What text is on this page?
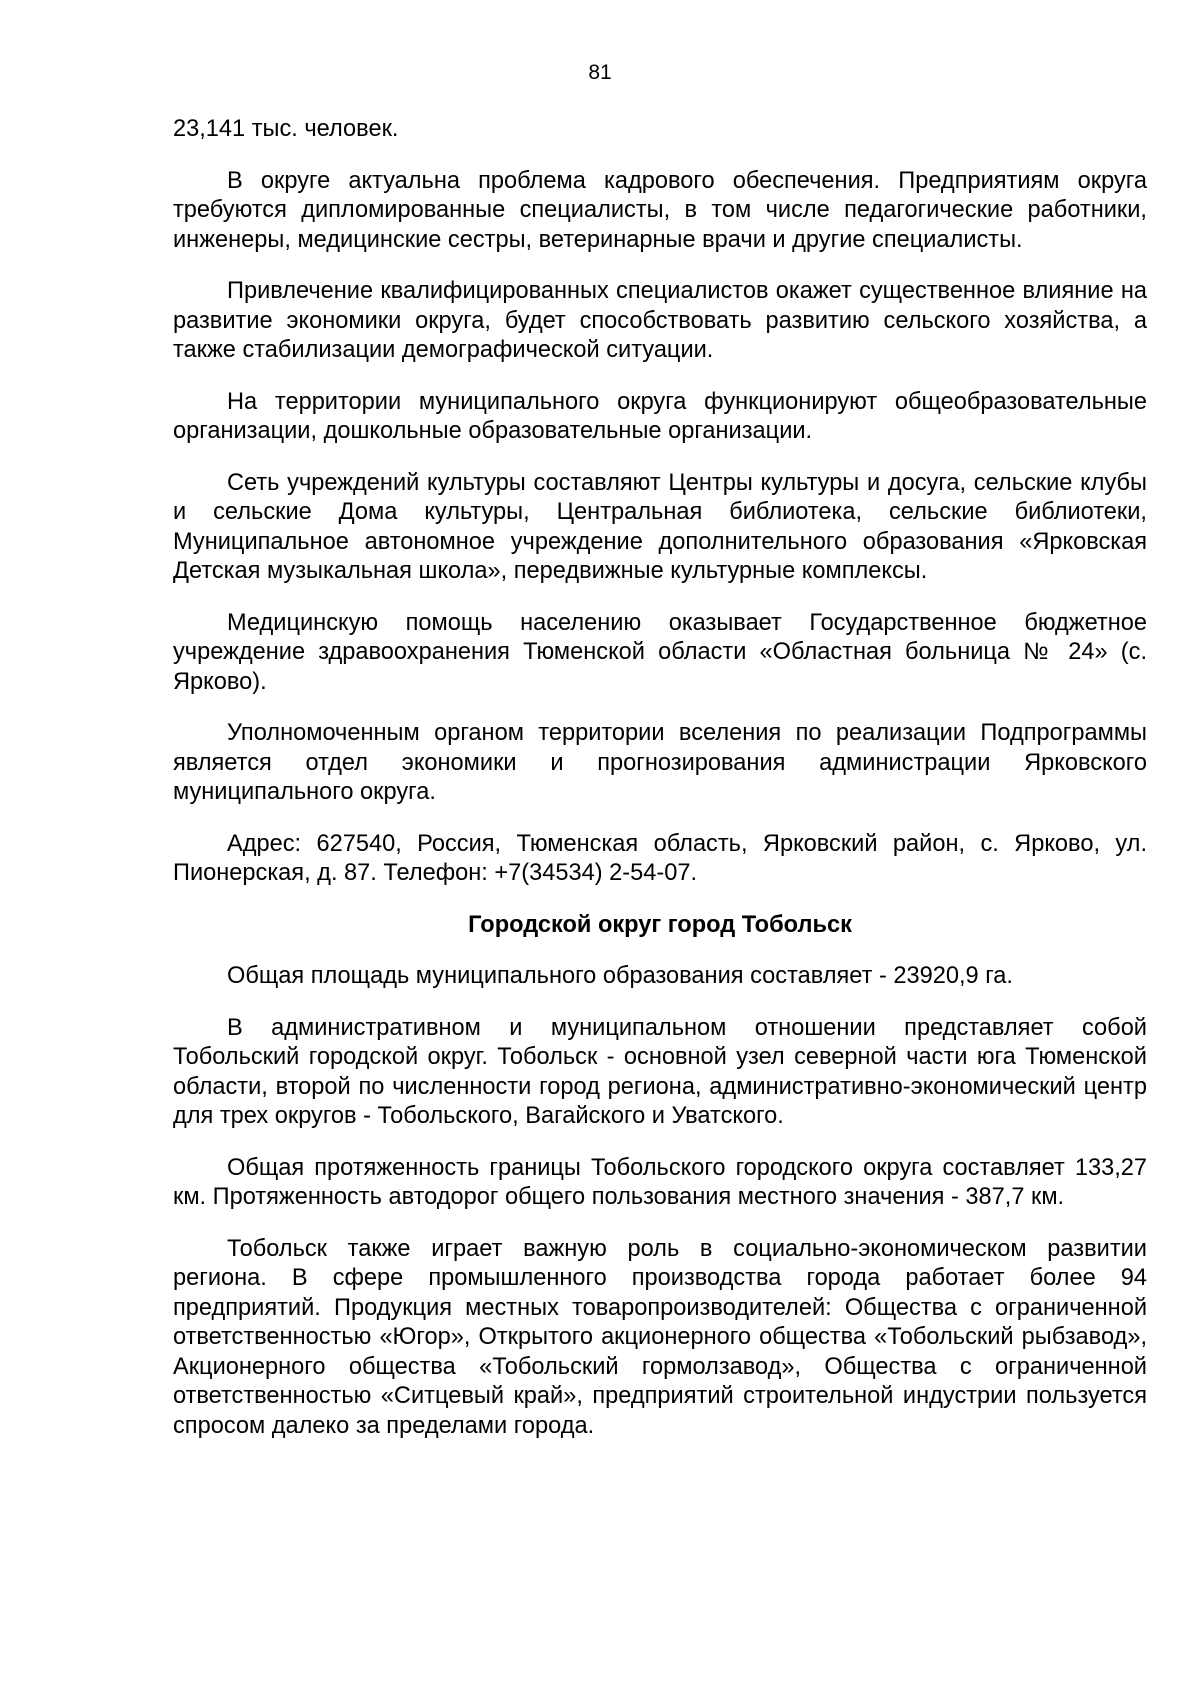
81

23,141 тыс. человек.

В округе актуальна проблема кадрового обеспечения. Предприятиям округа требуются дипломированные специалисты, в том числе педагогические работники, инженеры, медицинские сестры, ветеринарные врачи и другие специалисты.

Привлечение квалифицированных специалистов окажет существенное влияние на развитие экономики округа, будет способствовать развитию сельского хозяйства, а также стабилизации демографической ситуации.

На территории муниципального округа функционируют общеобразовательные организации, дошкольные образовательные организации.

Сеть учреждений культуры составляют Центры культуры и досуга, сельские клубы и сельские Дома культуры, Центральная библиотека, сельские библиотеки, Муниципальное автономное учреждение дополнительного образования «Ярковская Детская музыкальная школа», передвижные культурные комплексы.

Медицинскую помощь населению оказывает Государственное бюджетное учреждение здравоохранения Тюменской области «Областная больница № 24» (с. Ярково).

Уполномоченным органом территории вселения по реализации Подпрограммы является отдел экономики и прогнозирования администрации Ярковского муниципального округа.

Адрес: 627540, Россия, Тюменская область, Ярковский район, с. Ярково, ул. Пионерская, д. 87. Телефон: +7(34534) 2-54-07.

Городской округ город Тобольск

Общая площадь муниципального образования составляет - 23920,9 га.

В административном и муниципальном отношении представляет собой Тобольский городской округ. Тобольск - основной узел северной части юга Тюменской области, второй по численности город региона, административно-экономический центр для трех округов - Тобольского, Вагайского и Уватского.

Общая протяженность границы Тобольского городского округа составляет 133,27 км. Протяженность автодорог общего пользования местного значения - 387,7 км.

Тобольск также играет важную роль в социально-экономическом развитии региона. В сфере промышленного производства города работает более 94 предприятий. Продукция местных товаропроизводителей: Общества с ограниченной ответственностью «Югор», Открытого акционерного общества «Тобольский рыбзавод», Акционерного общества «Тобольский гормолзавод», Общества с ограниченной ответственностью «Ситцевый край», предприятий строительной индустрии пользуется спросом далеко за пределами города.
